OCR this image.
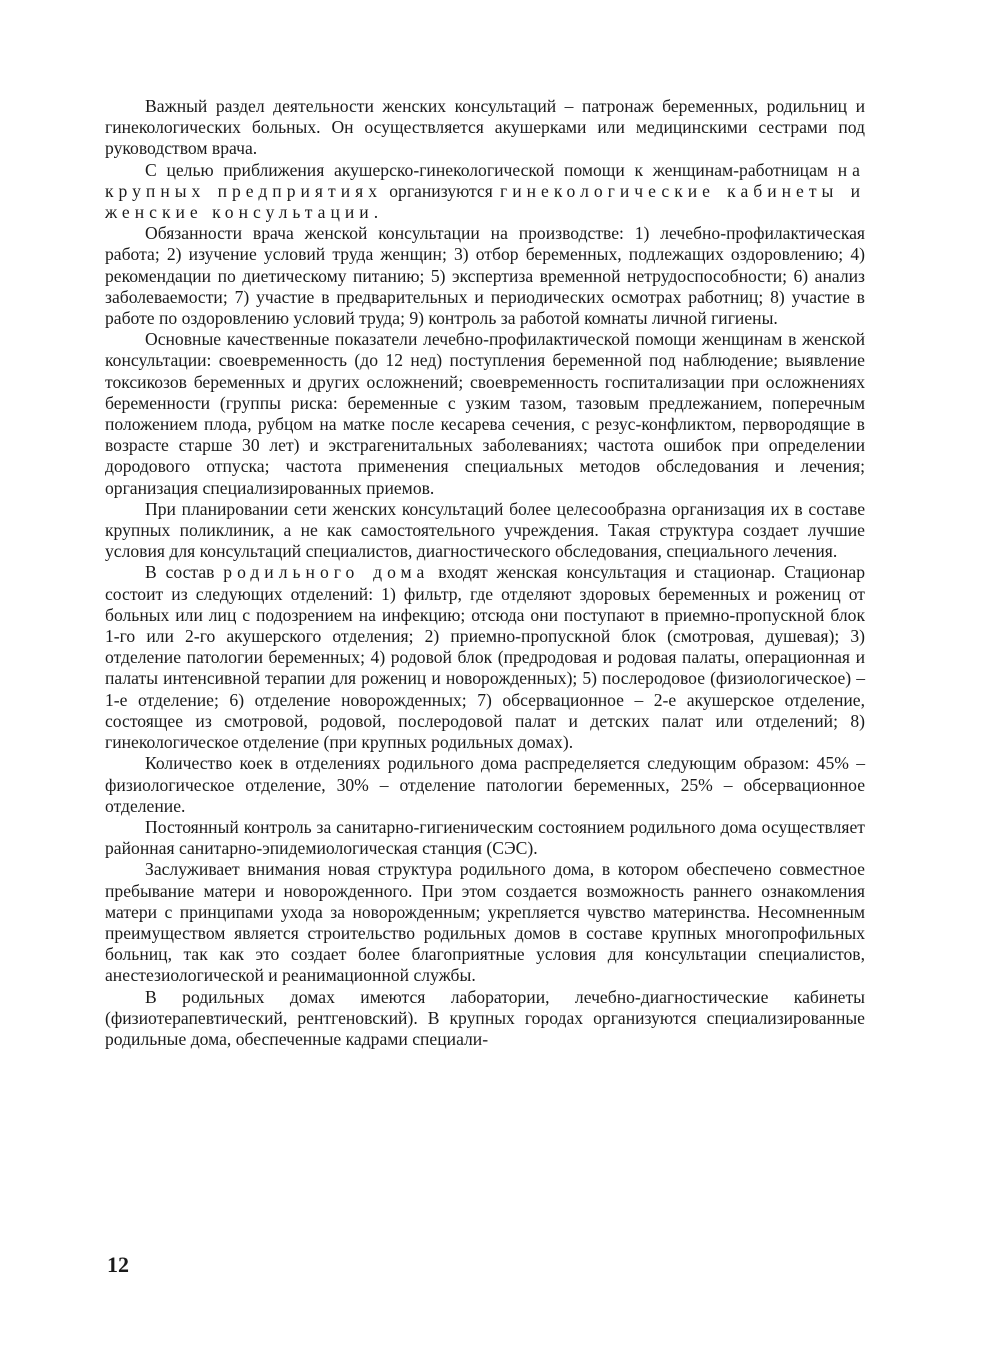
Важный раздел деятельности женских консультаций – патронаж беременных, родильниц и гинекологических больных. Он осуществляется акушерками или медицинскими сестрами под руководством врача.

С целью приближения акушерско-гинекологической помощи к женщинам-работницам на крупных предприятиях организуются гинекологические кабинеты и женские консультации.

Обязанности врача женской консультации на производстве: 1) лечебно-профилактическая работа; 2) изучение условий труда женщин; 3) отбор беременных, подлежащих оздоровлению; 4) рекомендации по диетическому питанию; 5) экспертиза временной нетрудоспособности; 6) анализ заболеваемости; 7) участие в предварительных и периодических осмотрах работниц; 8) участие в работе по оздоровлению условий труда; 9) контроль за работой комнаты личной гигиены.

Основные качественные показатели лечебно-профилактической помощи женщинам в женской консультации: своевременность (до 12 нед) поступления беременной под наблюдение; выявление токсикозов беременных и других осложнений; своевременность госпитализации при осложнениях беременности (группы риска: беременные с узким тазом, тазовым предлежанием, поперечным положением плода, рубцом на матке после кесарева сечения, с резус-конфликтом, первородящие в возрасте старше 30 лет) и экстрагенитальных заболеваниях; частота ошибок при определении дородового отпуска; частота применения специальных методов обследования и лечения; организация специализированных приемов.

При планировании сети женских консультаций более целесообразна организация их в составе крупных поликлиник, а не как самостоятельного учреждения. Такая структура создает лучшие условия для консультаций специалистов, диагностического обследования, специального лечения.

В состав родильного дома входят женская консультация и стационар. Стационар состоит из следующих отделений: 1) фильтр, где отделяют здоровых беременных и рожениц от больных или лиц с подозрением на инфекцию; отсюда они поступают в приемно-пропускной блок 1-го или 2-го акушерского отделения; 2) приемно-пропускной блок (смотровая, душевая); 3) отделение патологии беременных; 4) родовой блок (предродовая и родовая палаты, операционная и палаты интенсивной терапии для рожениц и новорожденных); 5) послеродовое (физиологическое) – 1-е отделение; 6) отделение новорожденных; 7) обсервационное – 2-е акушерское отделение, состоящее из смотровой, родовой, послеродовой палат и детских палат или отделений; 8) гинекологическое отделение (при крупных родильных домах).

Количество коек в отделениях родильного дома распределяется следующим образом: 45% – физиологическое отделение, 30% – отделение патологии беременных, 25% – обсервационное отделение.

Постоянный контроль за санитарно-гигиеническим состоянием родильного дома осуществляет районная санитарно-эпидемиологическая станция (СЭС).

Заслуживает внимания новая структура родильного дома, в котором обеспечено совместное пребывание матери и новорожденного. При этом создается возможность раннего ознакомления матери с принципами ухода за новорожденным; укрепляется чувство материнства. Несомненным преимуществом является строительство родильных домов в составе крупных многопрофильных больниц, так как это создает более благоприятные условия для консультации специалистов, анестезиологической и реанимационной службы.

В родильных домах имеются лаборатории, лечебно-диагностические кабинеты (физиотерапевтический, рентгеновский). В крупных городах организуются специализированные родильные дома, обеспеченные кадрами специали-

12
